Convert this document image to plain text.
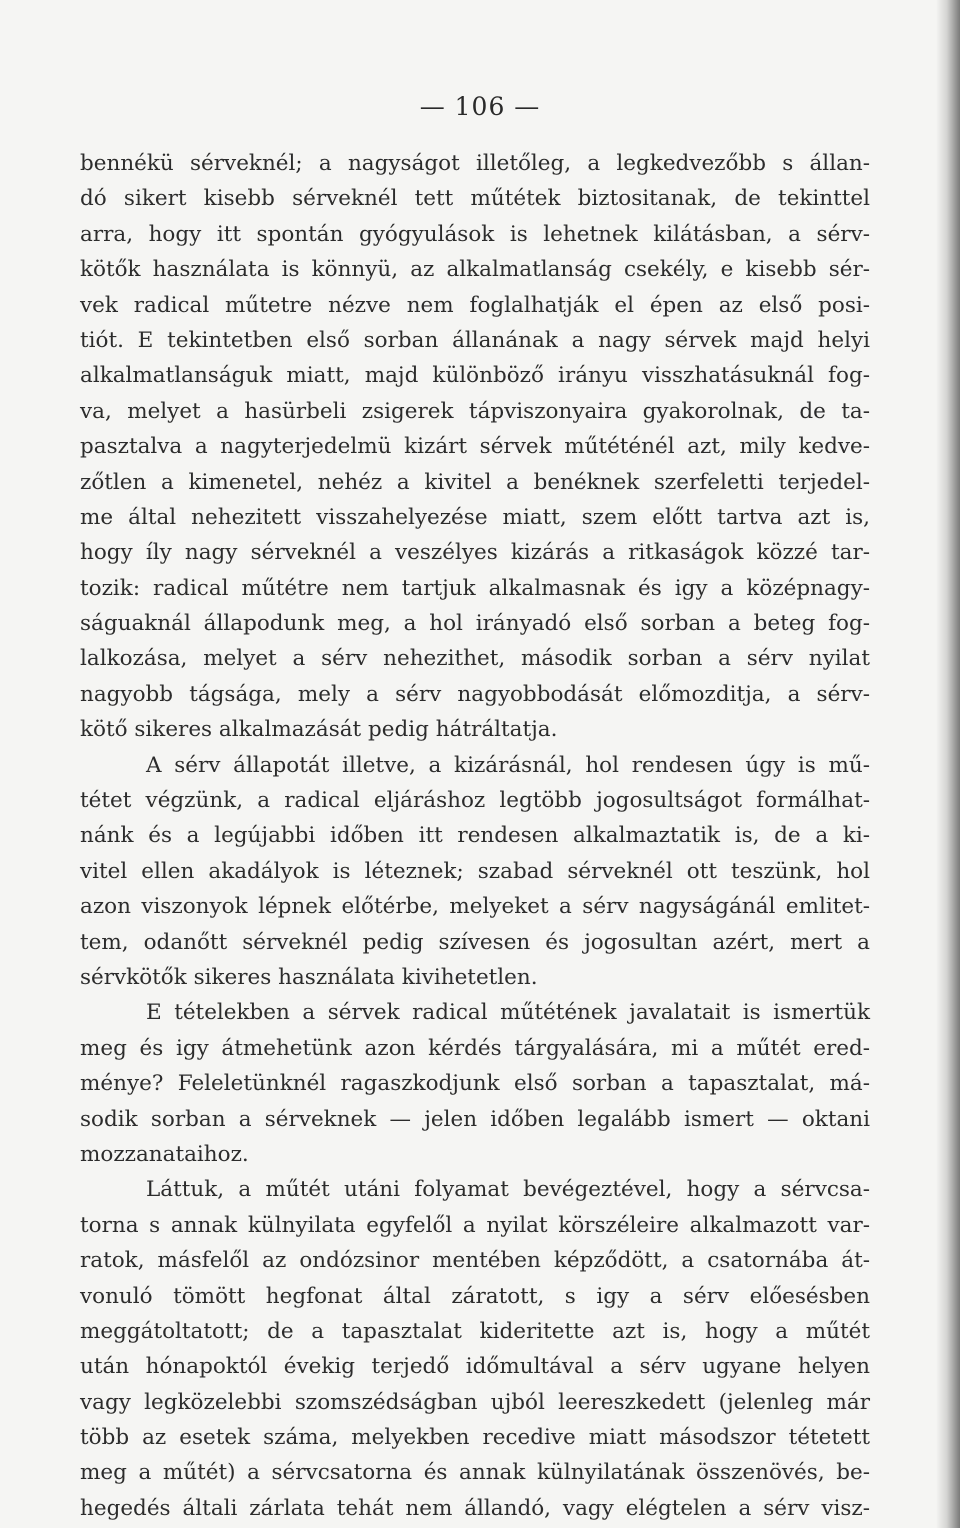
— 106 —
bennékü sérveknél; a nagyságot illetőleg, a legkedvezőbb s állan-
dó sikert kisebb sérveknél tett műtétek biztositanak, de tekinttel
arra, hogy itt spontán gyógyulások is lehetnek kilátásban, a sérv-
kötők használata is könnyü, az alkalmatlanság csekély, e kisebb sér-
vek radical műtetre nézve nem foglalhatják el épen az első posi-
tiót. E tekintetben első sorban állanának a nagy sérvek majd helyi
alkalmatlanságuk miatt, majd különböző irányu visszhatásuknál fog-
va, melyet a hasürbeli zsigerek tápviszonyaira gyakorolnak, de ta-
pasztalva a nagyterjedelmü kizárt sérvek műtéténél azt, mily kedve-
zőtlen a kimenetel, nehéz a kivitel a benéknek szerfeletti terjedel-
me által nehezitett visszahelyezése miatt, szem előtt tartva azt is,
hogy íly nagy sérveknél a veszélyes kizárás a ritkaságok közzé tar-
tozik: radical műtétre nem tartjuk alkalmasnak és igy a középnagy-
ságuaknál állapodunk meg, a hol irányadó első sorban a beteg fog-
lalkozása, melyet a sérv nehezithet, második sorban a sérv nyilat
nagyobb tágsága, mely a sérv nagyobbodását előmozditja, a sérv-
kötő sikeres alkalmazását pedig hátráltatja.
A sérv állapotát illetve, a kizárásnál, hol rendesen úgy is mű-
tétet végzünk, a radical eljáráshoz legtöbb jogosultságot formálhat-
nánk és a legújabbi időben itt rendesen alkalmaztatik is, de a ki-
vitel ellen akadályok is léteznek; szabad sérveknél ott teszünk, hol
azon viszonyok lépnek előtérbe, melyeket a sérv nagyságánál emlitet-
tem, odanőtt sérveknél pedig szívesen és jogosultan azért, mert a
sérvkötők sikeres használata kivihetetlen.
E tételekben a sérvek radical műtétének javalatait is ismertük
meg és igy átmehetünk azon kérdés tárgyalására, mi a műtét ered-
ménye? Feleletünknél ragaszkodjunk első sorban a tapasztalat, má-
sodik sorban a sérveknek — jelen időben legalább ismert — oktani
mozzanataihoz.
Láttuk, a műtét utáni folyamat bevégeztével, hogy a sérvcsa-
torna s annak külnyilata egyfelől a nyilat körszéleire alkalmazott var-
ratok, másfelől az ondózsinor mentében képződött, a csatornába át-
vonuló tömött hegfonat által záratott, s igy a sérv előesésben
meggátoltatott; de a tapasztalat kideritette azt is, hogy a műtét
után hónapoktól évekig terjedő időmultával a sérv ugyane helyen
vagy legközelebbi szomszédságban ujból leereszkedett (jelenleg már
több az esetek száma, melyekben recedive miatt másodszor tétetett
meg a műtét) a sérvcsatorna és annak külnyilatának összenövés, be-
hegedés általi zárlata tehát nem állandó, vagy elégtelen a sérv visz-
